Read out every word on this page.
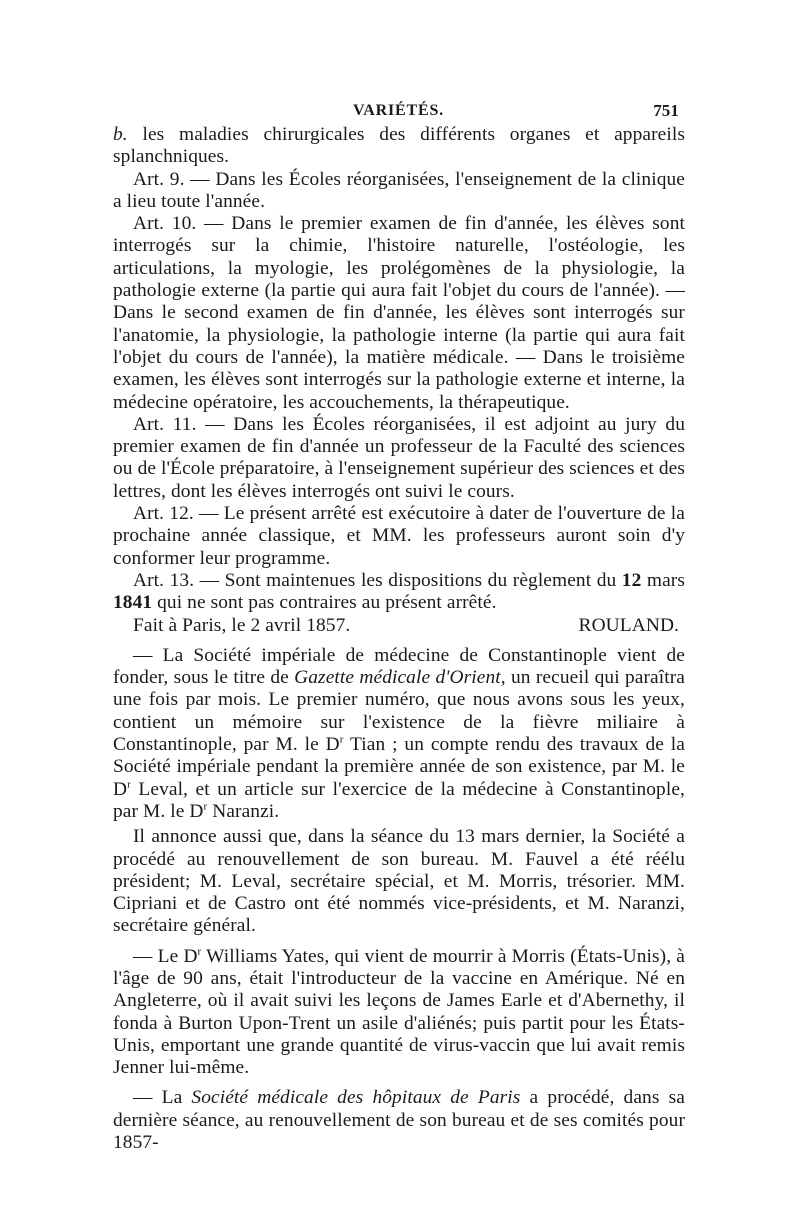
VARIÉTÉS.	751

b. les maladies chirurgicales des différents organes et appareils splanchniques.

Art. 9. — Dans les Écoles réorganisées, l'enseignement de la clinique a lieu toute l'année.

Art. 10. — Dans le premier examen de fin d'année, les élèves sont interrogés sur la chimie, l'histoire naturelle, l'ostéologie, les articulations, la myologie, les prolégomènes de la physiologie, la pathologie externe (la partie qui aura fait l'objet du cours de l'année). — Dans le second examen de fin d'année, les élèves sont interrogés sur l'anatomie, la physiologie, la pathologie interne (la partie qui aura fait l'objet du cours de l'année), la matière médicale. — Dans le troisième examen, les élèves sont interrogés sur la pathologie externe et interne, la médecine opératoire, les accouchements, la thérapeutique.

Art. 11. — Dans les Écoles réorganisées, il est adjoint au jury du premier examen de fin d'année un professeur de la Faculté des sciences ou de l'École préparatoire, à l'enseignement supérieur des sciences et des lettres, dont les élèves interrogés ont suivi le cours.

Art. 12. — Le présent arrêté est exécutoire à dater de l'ouverture de la prochaine année classique, et MM. les professeurs auront soin d'y conformer leur programme.

Art. 13. — Sont maintenues les dispositions du règlement du 12 mars 1841 qui ne sont pas contraires au présent arrêté.

Fait à Paris, le 2 avril 1857.	ROULAND.

— La Société impériale de médecine de Constantinople vient de fonder, sous le titre de Gazette médicale d'Orient, un recueil qui paraîtra une fois par mois. Le premier numéro, que nous avons sous les yeux, contient un mémoire sur l'existence de la fièvre miliaire à Constantinople, par M. le $D^r$ Tian ; un compte rendu des travaux de la Société impériale pendant la première année de son existence, par M. le $D^r$ Leval, et un article sur l'exercice de la médecine à Constantinople, par M. le $D^r$ Naranzi.

Il annonce aussi que, dans la séance du 13 mars dernier, la Société a procédé au renouvellement de son bureau. M. Fauvel a été réélu président; M. Leval, secrétaire spécial, et M. Morris, trésorier. MM. Cipriani et de Castro ont été nommés vice-présidents, et M. Naranzi, secrétaire général.

— Le $D^r$ Williams Yates, qui vient de mourrir à Morris (États-Unis), à l'âge de 90 ans, était l'introducteur de la vaccine en Amérique. Né en Angleterre, où il avait suivi les leçons de James Earle et d'Abernethy, il fonda à Burton Upon-Trent un asile d'aliénés; puis partit pour les États-Unis, emportant une grande quantité de virus-vaccin que lui avait remis Jenner lui-même.

— La Société médicale des hôpitaux de Paris a procédé, dans sa dernière séance, au renouvellement de son bureau et de ses comités pour 1857-
